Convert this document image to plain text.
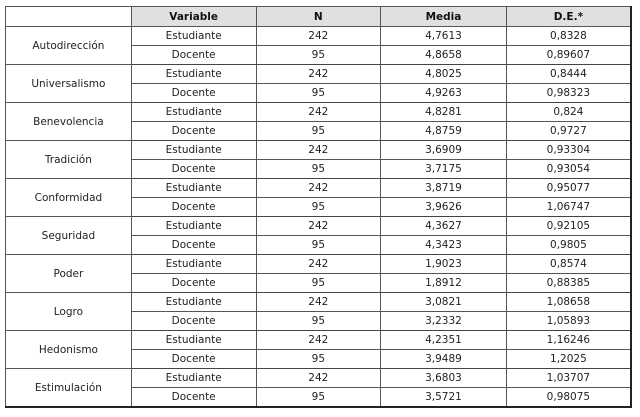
	Variable	N	Media	D.E.*
Autodirección	Estudiante	242	4,7613	0,8328
	Docente	95	4,8658	0,89607
Universalismo	Estudiante	242	4,8025	0,8444
	Docente	95	4,9263	0,98323
Benevolencia	Estudiante	242	4,8281	0,824
	Docente	95	4,8759	0,9727
Tradición	Estudiante	242	3,6909	0,93304
	Docente	95	3,7175	0,93054
Conformidad	Estudiante	242	3,8719	0,95077
	Docente	95	3,9626	1,06747
Seguridad	Estudiante	242	4,3627	0,92105
	Docente	95	4,3423	0,9805
Poder	Estudiante	242	1,9023	0,8574
	Docente	95	1,8912	0,88385
Logro	Estudiante	242	3,0821	1,08658
	Docente	95	3,2332	1,05893
Hedonismo	Estudiante	242	4,2351	1,16246
	Docente	95	3,9489	1,2025
Estimulación	Estudiante	242	3,6803	1,03707
	Docente	95	3,5721	0,98075
